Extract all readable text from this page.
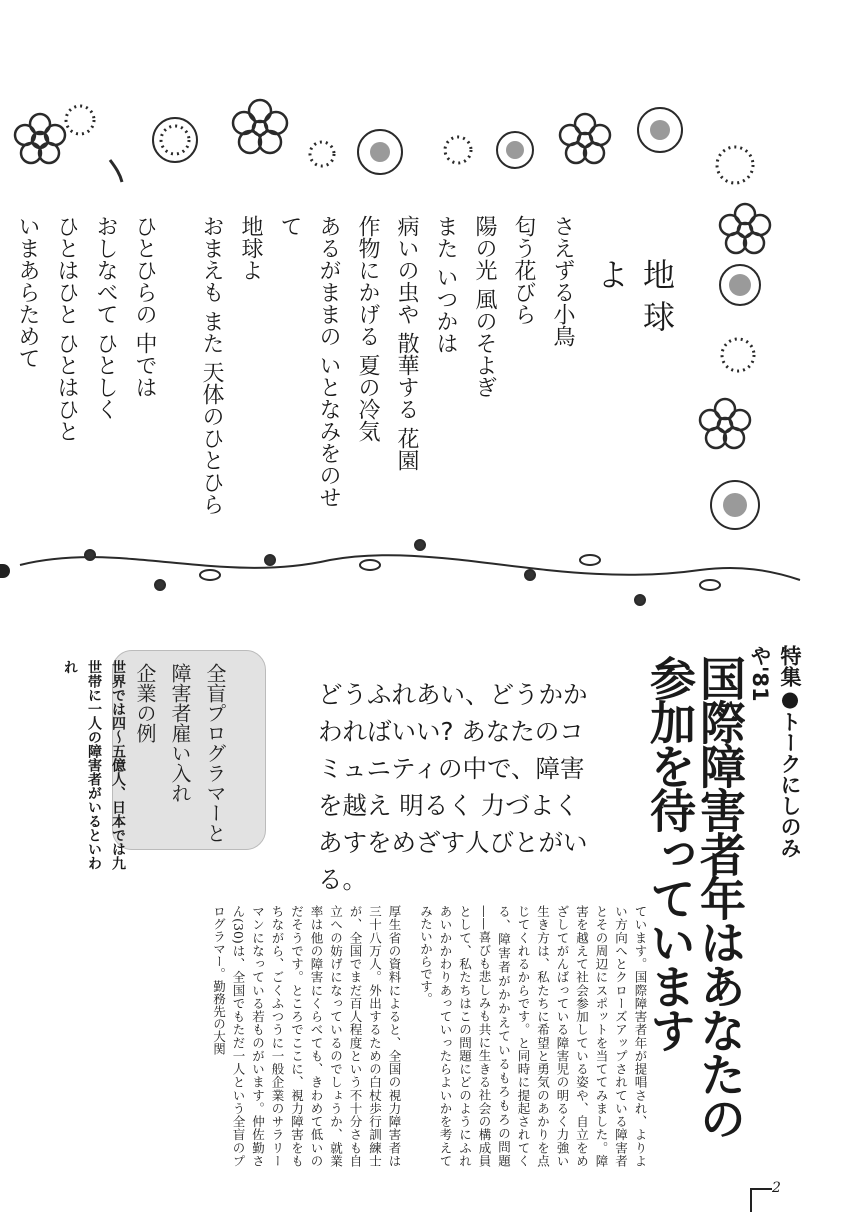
地球よ
さえずる小鳥
匂う花びら
陽の光 風のそよぎ
また いつかは
病いの虫や 散華する 花園
作物にかげる 夏の冷気
あるがままの いとなみをのせて
地球よ
おまえも また 天体のひとひら
ひとひらの 中では
おしなべて ひとしく
ひとはひと ひとはひと
いまあらためて
特集●トークにしのみや'81
国際障害者年はあなたの
参加を待っています

どうふれあい、どうかかわればいい? あなたのコミュニティの中で、障害を越え 明るく 力づよく あすをめざす人びとがいる。

全盲プログラマーと
障害者雇い入れ
企業の例
世界では四〜五億人、日本では九
世帯に一人の障害者がいるといわれ

ています。国際障害者年が提唱され、よりよい方向へとクローズアップされている障害者とその周辺にスポットを当ててみました。障害を越えて社会参加している姿や、自立をめざしてがんばっている障害児の明るく力強い生き方は、私たちに希望と勇気のあかりを点じてくれるからです。と同時に提起されてくる、障害者がかかえているもろもろの問題——喜びも悲しみも共に生きる社会の構成員として、私たちはこの問題にどのようにふれあいかかわりあっていったらよいかを考えてみたいからです。

厚生省の資料によると、全国の視力障害者は三十八万人。外出するための白杖歩行訓練士が、全国でまだ百人程度という不十分さも自立への妨げになっているのでしょうか、就業率は他の障害にくらべても、きわめて低いのだそうです。ところでここに、視力障害をもちながら、ごくふつうに一般企業のサラリーマンになっている若ものがいます。仲佐勤さん(30)は、全国でもただ一人という全盲のプログラマー。勤務先の大関

2
